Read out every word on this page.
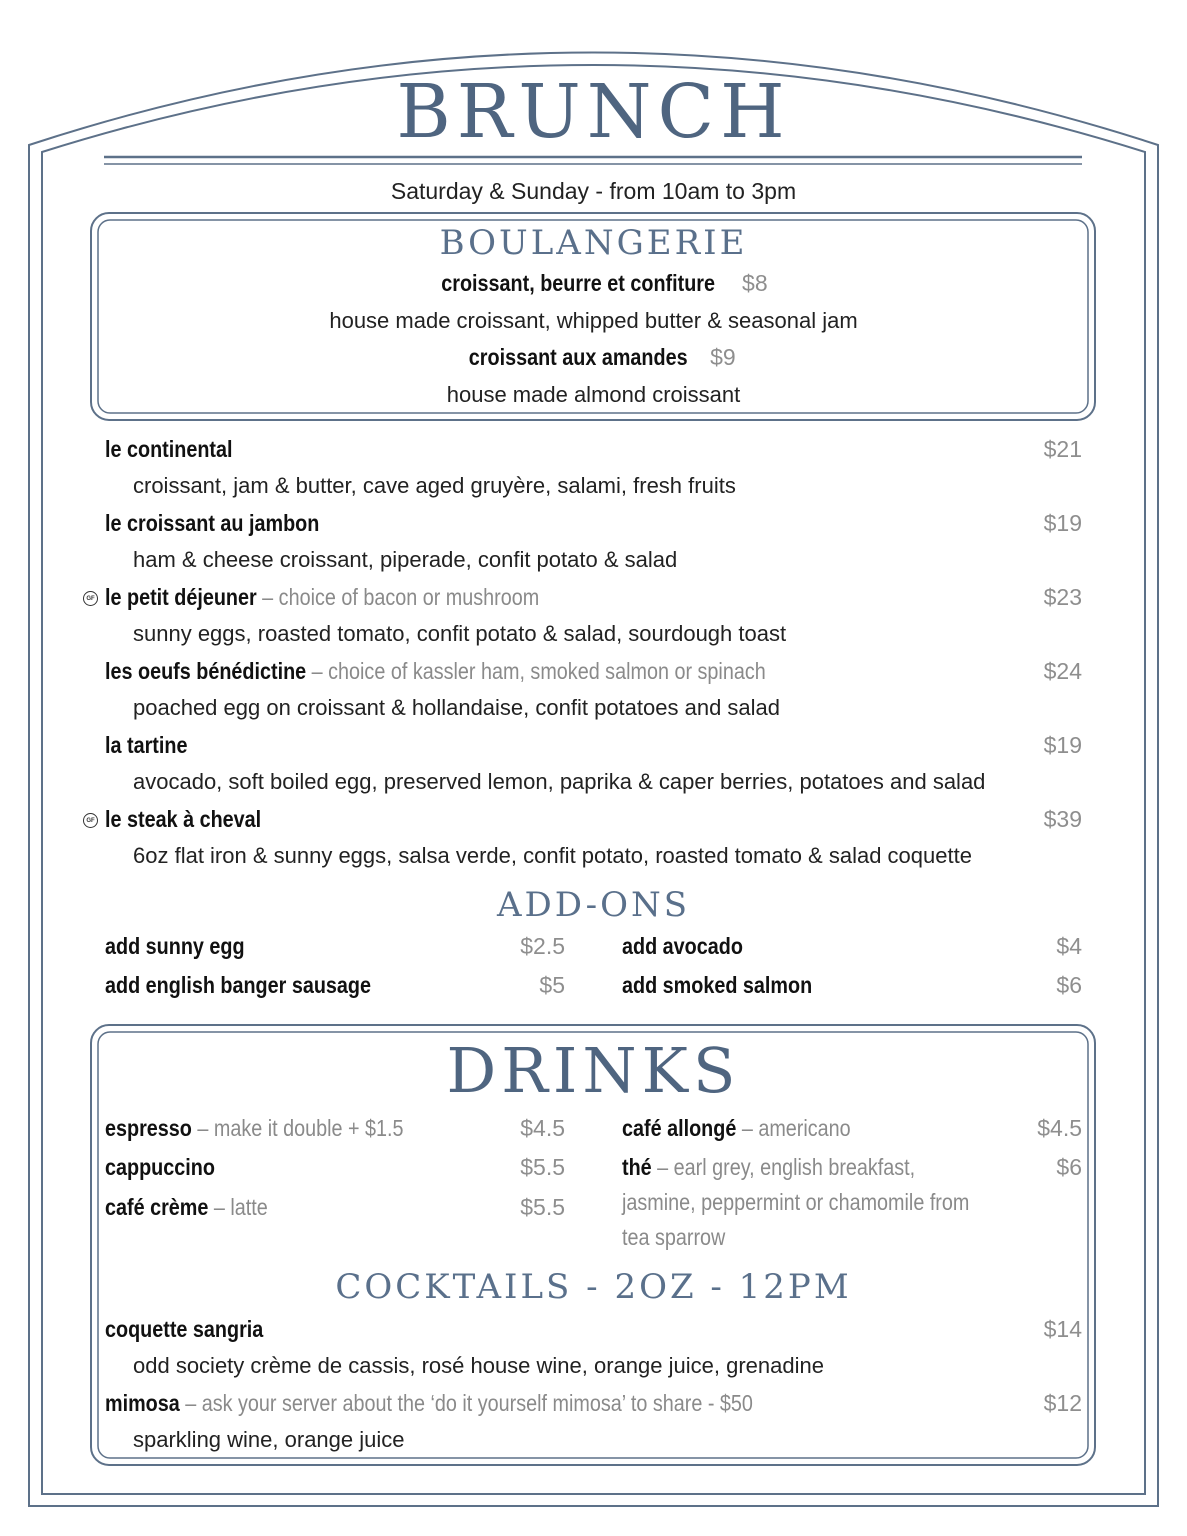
BRUNCH
Saturday & Sunday - from 10am to 3pm
BOULANGERIE
croissant, beurre et confiture $8
house made croissant, whipped butter & seasonal jam
croissant aux amandes $9
house made almond croissant
le continental	$21
croissant, jam & butter, cave aged gruyère, salami, fresh fruits
le croissant au jambon	$19
ham & cheese croissant, piperade, confit potato & salad
GF le petit déjeuner – choice of bacon or mushroom	$23
sunny eggs, roasted tomato, confit potato & salad, sourdough toast
les oeufs bénédictine – choice of kassler ham, smoked salmon or spinach	$24
poached egg on croissant & hollandaise, confit potatoes and salad
la tartine	$19
avocado, soft boiled egg, preserved lemon, paprika & caper berries, potatoes and salad
GF le steak à cheval	$39
6oz flat iron & sunny eggs, salsa verde, confit potato, roasted tomato & salad coquette
ADD-ONS
add sunny egg	$2.5
add english banger sausage	$5
add avocado	$4
add smoked salmon	$6
DRINKS
espresso – make it double + $1.5	$4.5
cappuccino	$5.5
café crème – latte	$5.5
café allongé – americano	$4.5
thé – earl grey, english breakfast,	$6
jasmine, peppermint or chamomile from
tea sparrow
COCKTAILS - 2OZ - 12PM
coquette sangria	$14
odd society crème de cassis, rosé house wine, orange juice, grenadine
mimosa – ask your server about the ‘do it yourself mimosa’ to share - $50	$12
sparkling wine, orange juice
